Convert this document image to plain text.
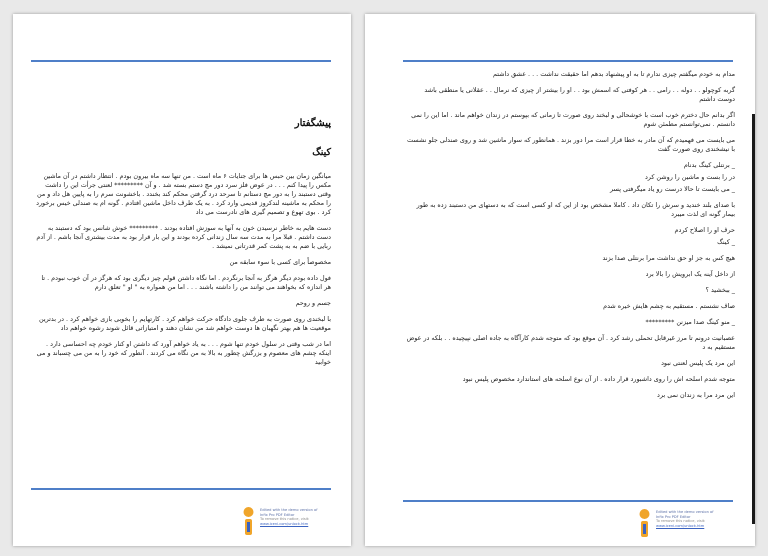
پیشگفتار
کینگ

میانگین زمان بین حبس ها برای جنایات ۶ ماه است . من تنها سه ماه بیرون بودم . انتظار داشتم در آن ماشین مکس را پیدا کنم . . . در عوض فلز سرد دور مچ دستم بسته شد . و آن ********* لعنتی جرأت این را داشت وقتی دستبند را به دور مچ دستانم تا سرحد درد گرفتن محکم کند بخندد . باخشونت سرم را به پایین هل داد و من را محکم به ماشینه لندکروز قدیمی وارد کرد . به یک طرف داخل ماشین افتادم . گونه ام به صندلی خیس برخورد کرد . بوی تهوع و تصمیم گیری های نادرست می داد

دست هایم به خاطر نرسیدن خون به آنها به سوزش افتاده بودند . ********* خوش شانس بود که دستبند به دست داشتم . قبلا مرا به مدت سه سال زندانی کرده بودند و این بار قرار بود به مدت بیشتری آنجا باشم . از آدم ربایی با ضم به به پشت کمر قدرتانی نمیشد .

مخصوصاً برای کسی با سوء سابقه من

فول داده بودم دیگر هرگز به آنجا برنگردم . اما نگاه داشتن قولم چیز دیگری بود که هرگز در آن خوب نبودم . تا هر اندازه که بخواهند می توانند من را داشته باشند . . . اما من همواره به " او " تعلق دارم

جسم و روحم

با لبخندی روی صورت به طرف جلوی دادگاه حرکت خواهم کرد . کارتهایم را بخوبی بازی خواهم کرد . در بدترین موقعیت ها هم بهتر نگهبان ها دوست خواهم شد من نشان دهند و امتیازاتی قائل شوند رشوه خواهم داد

اما در شب وقتی در سلول خودم تنها شوم . . . به یاد خواهم آورد که داشتن او کنار خودم چه احساسی دارد . اینکه چشم های معصوم و بزرگش چطور به بالا به من نگاه می کردند . آنطور که خود را به من می چسباند و می خوابید

Edited with the demo version of
Infix Pro PDF Editor
To remove this notice, visit:
www.iceni.com/unlock.htm

مدام به خودم میگفتم چیزی ندارم تا به او پیشنهاد بدهم اما حقیقت نداشت . . . عشق داشتم

گربه کوچولو . . دوله . . رامی . . هر کوفتی که اسمش بود . . او را بیشتر از چیزی که نرمال . . عقلانی یا منطقی باشد دوست داشتم

اگر بدانم حال دخترم خوب است با خوشحالی و لبخند روی صورت تا زمانی که بپوستم در زندان خواهم ماند . اما این را نمی دانستم . نمی‌توانستم مطمئن شوم

می بایست می فهمیدم که آن مادر به خطا قرار است مرا دور بزند . همانطور که سوار ماشین شد و روی صندلی جلو نشست با نیشخندی روی صورت گفت

_ برنتلی کینگ بدنام

در را بست و ماشین را روشن کرد

_ می بایست تا حالا درست رو یاد میگرفتی پسر

با صدای بلند خندید و سرش را تکان داد . کاملا مشخص بود از این که او کسی است که به دستهای من دستبند زده به طور بیمار گونه ای لذت میبرد

حرف او را اصلاح کردم

_ کینگ

هیچ کس به جز او حق نداشت مرا برنتلی صدا بزند

از داخل آینه یک ابرویش را بالا برد

_ ببخشید ؟

صاف نشستم . مستقیم به چشم هایش خیره شدم

_ منو کینگ صدا میزنن *********

عصبانیت درونم تا مرز غیرقابل تحملی رشد کرد . آن موقع بود که متوجه شدم کارآگاه به جاده اصلی نپیچیده . . بلکه در عوض مستقیم به د

این مرد یک پلیس لعنتی نبود

متوجه شدم اسلحه اش را روی داشبورد قرار داده . از آن نوع اسلحه های استاندارد مخصوص پلیس نبود

این مرد مرا به زندان نمی برد

Edited with the demo version of
Infix Pro PDF Editor
To remove this notice, visit:
www.iceni.com/unlock.htm
